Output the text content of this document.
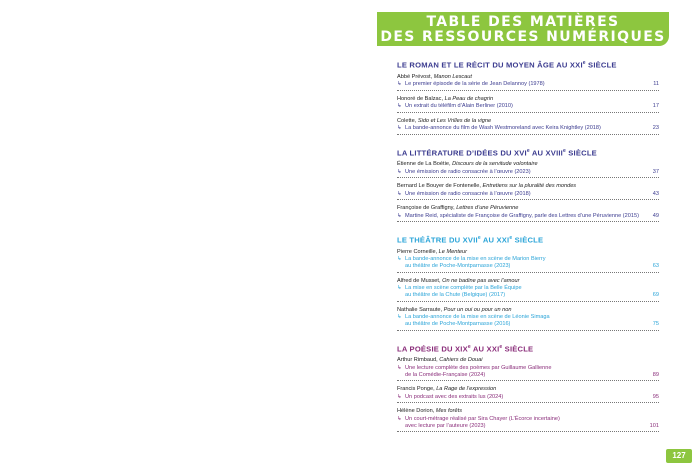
TABLE DES MATIÈRES
DES RESSOURCES NUMÉRIQUES
LE ROMAN ET LE RÉCIT DU MOYEN ÂGE AU XXIe SIÈCLE
Abbé Prévost, Manon Lescaut
↳ Le premier épisode de la série de Jean Delannoy (1978)	11
Honoré de Balzac, La Peau de chagrin
↳ Un extrait du téléfilm d’Alain Berliner (2010)	17
Colette, Sido et Les Vrilles de la vigne
↳ La bande-annonce du film de Wash Westmoreland avec Keira Knightley (2018)	23
LA LITTÉRATURE D’IDÉES DU XVIe AU XVIIIe SIÈCLE
Étienne de La Boétie, Discours de la servitude volontaire
↳ Une émission de radio consacrée à l’œuvre (2023)	37
Bernard Le Bouyer de Fontenelle, Entretiens sur la pluralité des mondes
↳ Une émission de radio consacrée à l’œuvre (2018)	43
Françoise de Graffigny, Lettres d’une Péruvienne
↳ Martine Reid, spécialiste de Françoise de Graffigny, parle des Lettres d’une Péruvienne (2015) 49
LE THÉÂTRE DU XVIIe AU XXIe SIÈCLE
Pierre Corneille, Le Menteur
↳ La bande-annonce de la mise en scène de Marion Bierry
au théâtre de Poche-Montparnasse (2023)	63
Alfred de Musset, On ne badine pas avec l’amour
↳ La mise en scène complète par la Belle Équipe
au théâtre de la Chute (Belgique) (2017)	69
Nathalie Sarraute, Pour un oui ou pour un non
↳ La bande-annonce de la mise en scène de Léonie Simaga
au théâtre de Poche-Montparnasse (2016)	75
LA POÉSIE DU XIXe AU XXIe SIÈCLE
Arthur Rimbaud, Cahiers de Douai
↳ Une lecture complète des poèmes par Guillaume Gallienne
de la Comédie-Française (2024)	89
Francis Ponge, La Rage de l’expression
↳ Un podcast avec des extraits lus (2024)	95
Hélène Dorion, Mes forêts
↳ Un court-métrage réalisé par Sira Chayer (L’Écorce incertaine)
avec lecture par l’auteure (2023)	101
127
